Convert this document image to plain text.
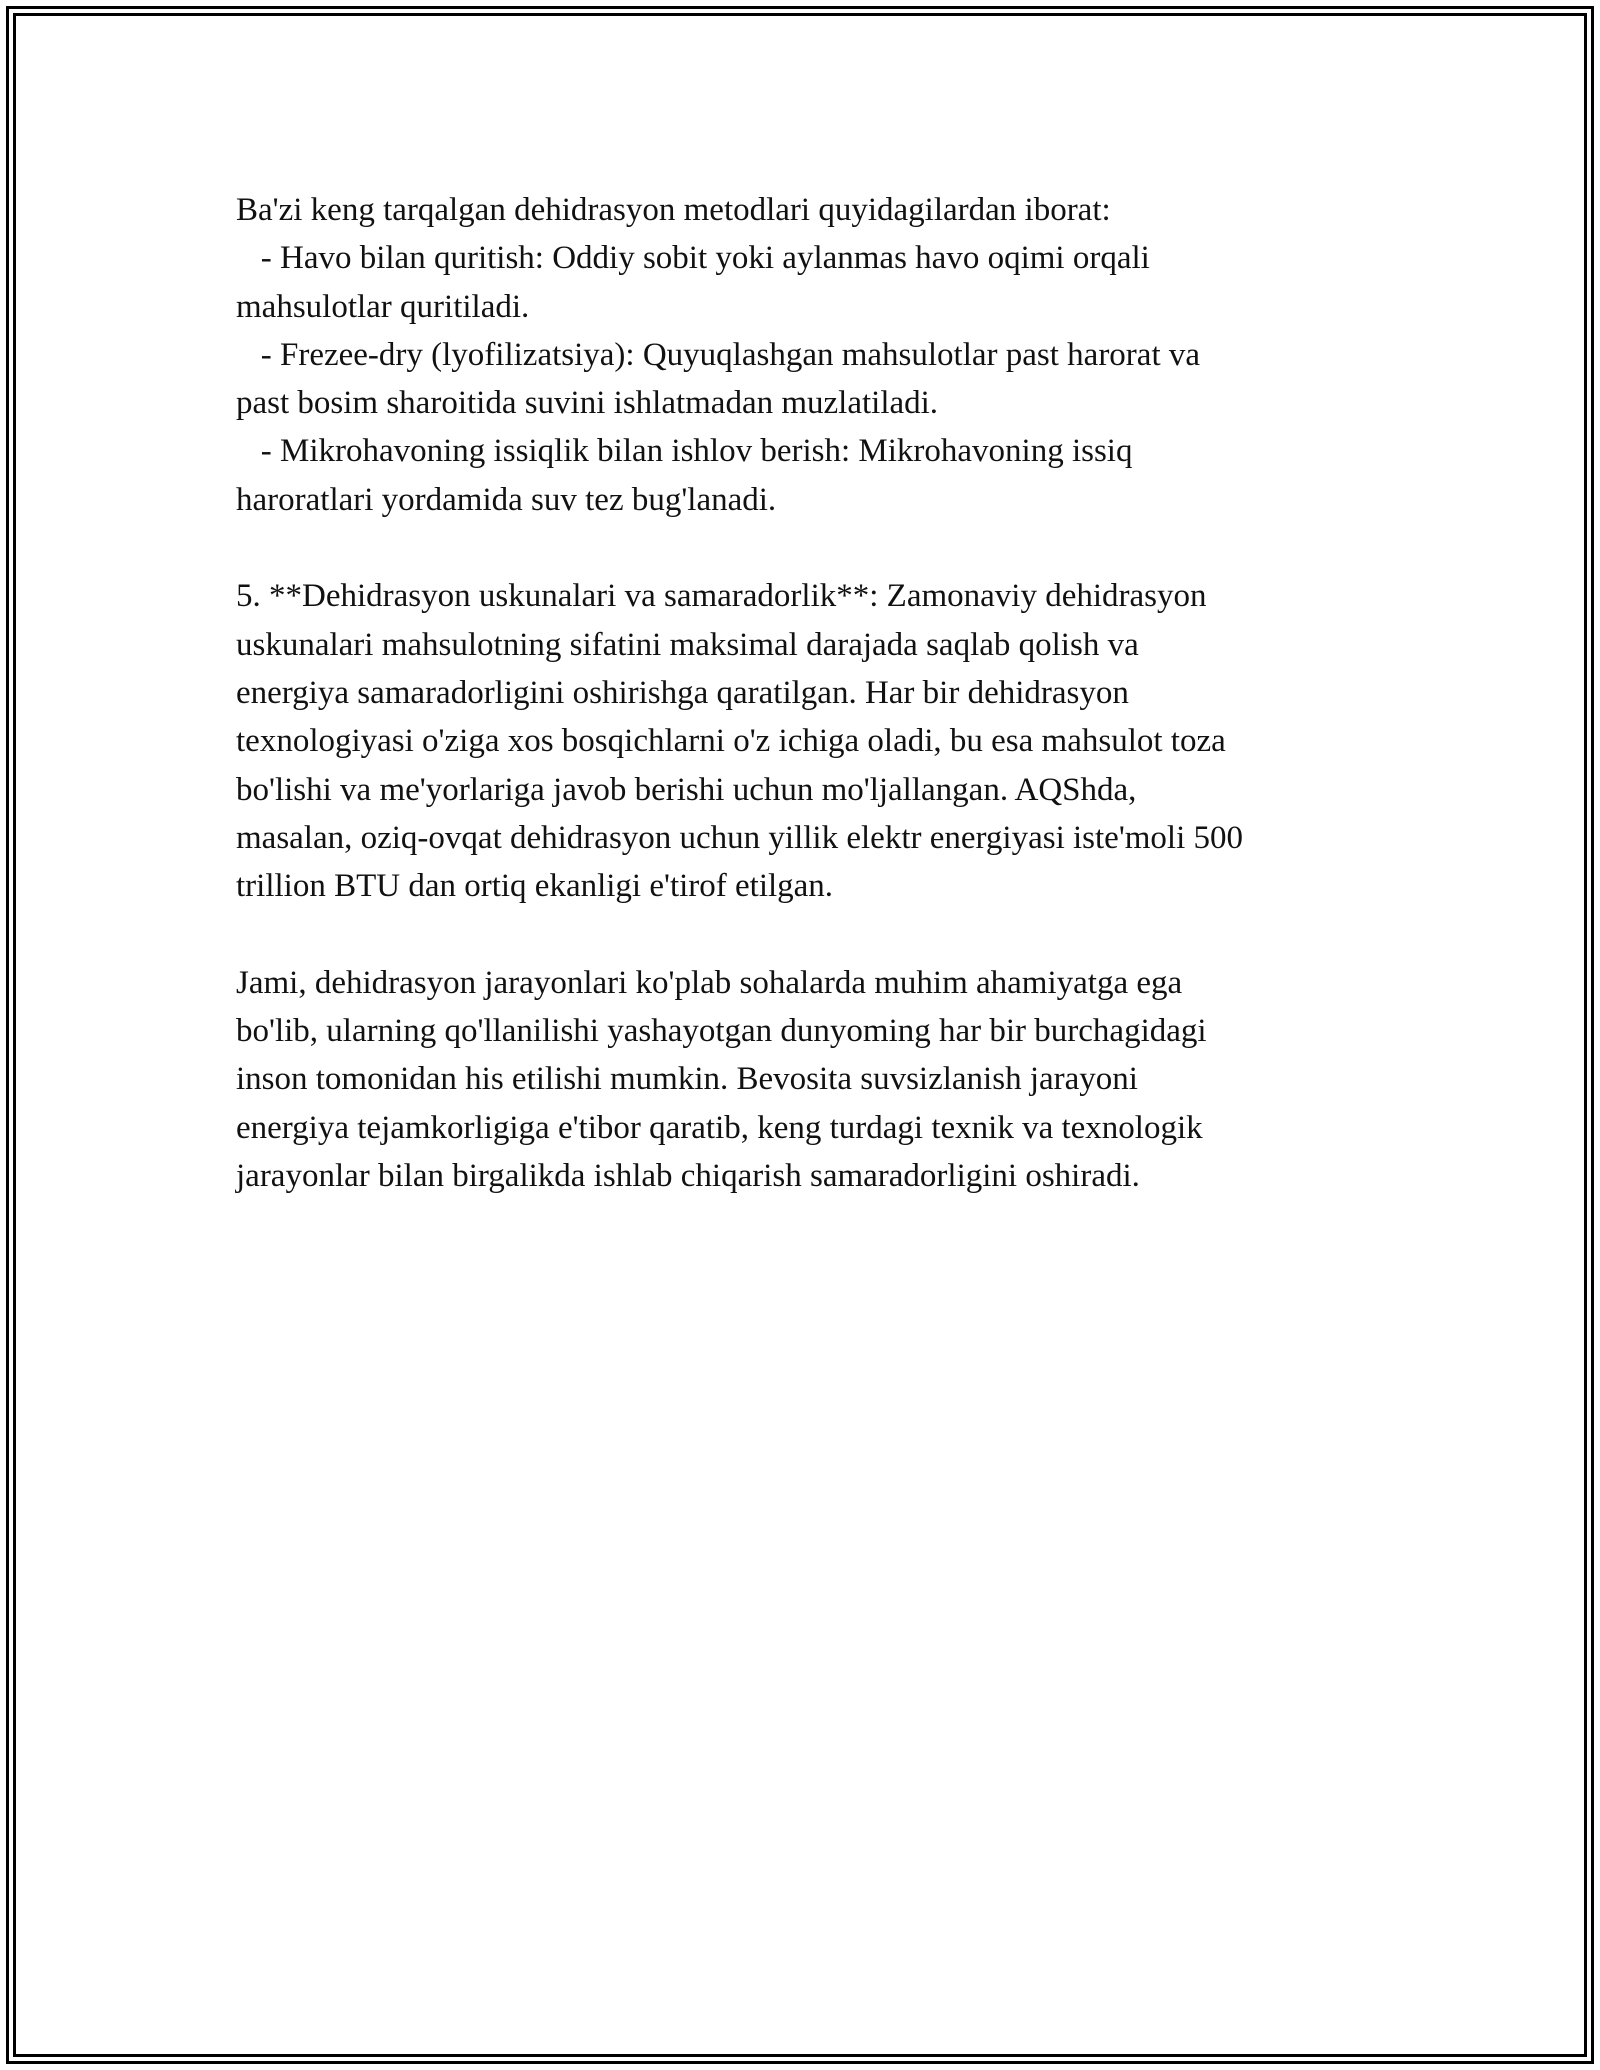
Ba'zi keng tarqalgan dehidrasyon metodlari quyidagilardan iborat:

- Havo bilan quritish: Oddiy sobit yoki aylanmas havo oqimi orqali

mahsulotlar quritiladi.

- Frezee-dry (lyofilizatsiya): Quyuqlashgan mahsulotlar past harorat va

past bosim sharoitida suvini ishlatmadan muzlatiladi.

- Mikrohavoning issiqlik bilan ishlov berish: Mikrohavoning issiq

haroratlari yordamida suv tez bug'lanadi.

5. **Dehidrasyon uskunalari va samaradorlik**: Zamonaviy dehidrasyon

uskunalari mahsulotning sifatini maksimal darajada saqlab qolish va

energiya samaradorligini oshirishga qaratilgan. Har bir dehidrasyon

texnologiyasi o'ziga xos bosqichlarni o'z ichiga oladi, bu esa mahsulot toza

bo'lishi va me'yorlariga javob berishi uchun mo'ljallangan. AQShda,

masalan, oziq-ovqat dehidrasyon uchun yillik elektr energiyasi iste'moli 500

trillion BTU dan ortiq ekanligi e'tirof etilgan.

Jami, dehidrasyon jarayonlari ko'plab sohalarda muhim ahamiyatga ega

bo'lib, ularning qo'llanilishi yashayotgan dunyoming har bir burchagidagi

inson tomonidan his etilishi mumkin. Bevosita suvsizlanish jarayoni

energiya tejamkorligiga e'tibor qaratib, keng turdagi texnik va texnologik

jarayonlar bilan birgalikda ishlab chiqarish samaradorligini oshiradi.
